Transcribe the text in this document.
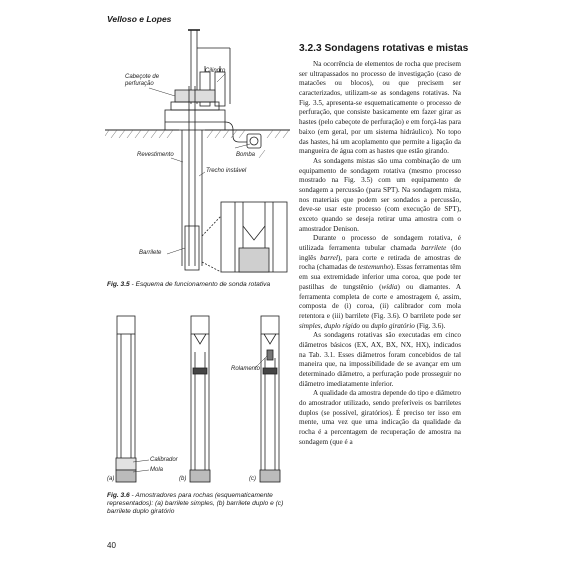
Velloso e Lopes
Cabeçote de
perfuração
Cilindro
Bomba
Revestimento
Trecho instável
Barrilete
Fig. 3.5 - Esquema de funcionamento de sonda rotativa
Calibrador
Mola
Rolamento
(a)	(b)	(c)
Fig. 3.6 - Amostradores para rochas (esquematicamente representados): (a) barrilete simples, (b) barrilete duplo e (c) barrilete duplo giratório
3.2.3 Sondagens rotativas e mistas

Na ocorrência de elementos de rocha que precisem ser ultrapassados no processo de investigação (caso de matacões ou blocos), ou que precisem ser caracterizados, utilizam-se as sondagens rotativas. Na Fig. 3.5, apresenta-se esquematicamente o processo de perfuração, que consiste basicamente em fazer girar as hastes (pelo cabeçote de perfuração) e em forçá-las para baixo (em geral, por um sistema hidráulico). No topo das hastes, há um acoplamento que permite a ligação da mangueira de água com as hastes que estão girando.

As sondagens mistas são uma combinação de um equipamento de sondagem rotativa (mesmo processo mostrado na Fig. 3.5) com um equipamento de sondagem a percussão (para SPT). Na sondagem mista, nos materiais que podem ser sondados a percussão, deve-se usar este processo (com execução de SPT), exceto quando se deseja retirar uma amostra com o amostrador Denison.

Durante o processo de sondagem rotativa, é utilizada ferramenta tubular chamada barrilete (do inglês barrel), para corte e retirada de amostras de rocha (chamadas de testemunho). Essas ferramentas têm em sua extremidade inferior uma coroa, que pode ter pastilhas de tungstênio (wídia) ou diamantes. A ferramenta completa de corte e amostragem é, assim, composta de (i) coroa, (ii) calibrador com mola retentora e (iii) barrilete (Fig. 3.6). O barrilete pode ser simples, duplo rígido ou duplo giratório (Fig. 3.6).

As sondagens rotativas são executadas em cinco diâmetros básicos (EX, AX, BX, NX, HX), indicados na Tab. 3.1. Esses diâmetros foram concebidos de tal maneira que, na impossibilidade de se avançar em um determinado diâmetro, a perfuração pode prosseguir no diâmetro imediatamente inferior.

A qualidade da amostra depende do tipo e diâmetro do amostrador utilizado, sendo preferíveis os barriletes duplos (se possível, giratórios). É preciso ter isso em mente, uma vez que uma indicação da qualidade da rocha é a percentagem de recuperação de amostra na sondagem (que é a

40
